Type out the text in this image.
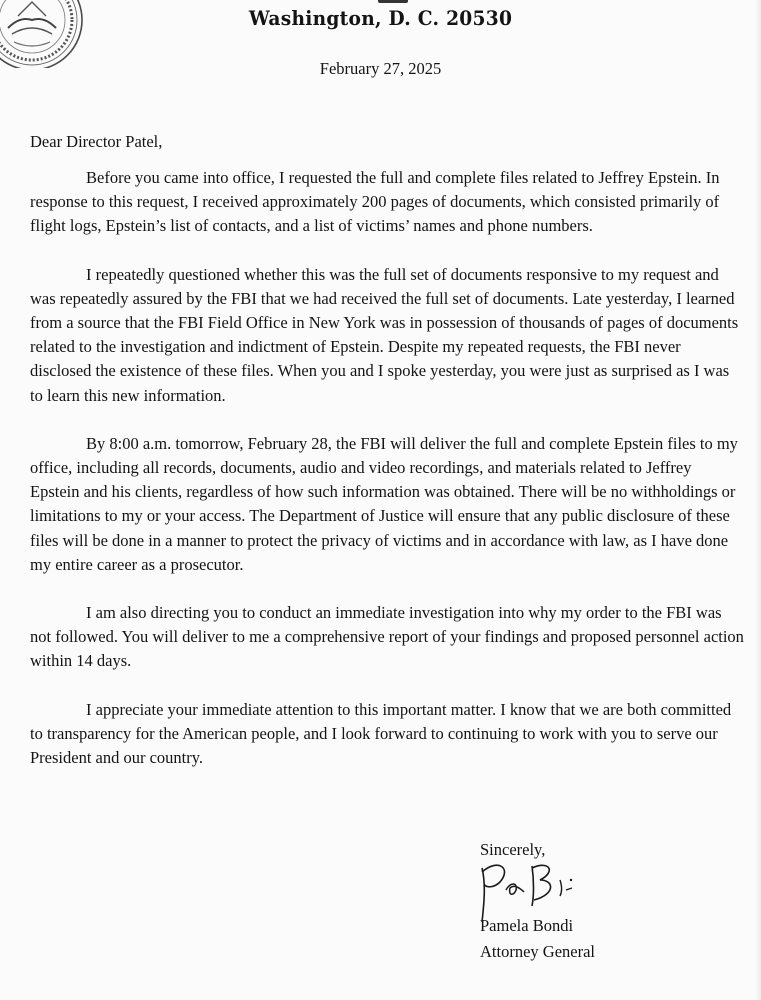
Washington, D. C. 20530
February 27, 2025
Dear Director Patel,

Before you came into office, I requested the full and complete files related to Jeffrey Epstein. In response to this request, I received approximately 200 pages of documents, which consisted primarily of flight logs, Epstein’s list of contacts, and a list of victims’ names and phone numbers.

I repeatedly questioned whether this was the full set of documents responsive to my request and was repeatedly assured by the FBI that we had received the full set of documents. Late yesterday, I learned from a source that the FBI Field Office in New York was in possession of thousands of pages of documents related to the investigation and indictment of Epstein. Despite my repeated requests, the FBI never disclosed the existence of these files. When you and I spoke yesterday, you were just as surprised as I was to learn this new information.

By 8:00 a.m. tomorrow, February 28, the FBI will deliver the full and complete Epstein files to my office, including all records, documents, audio and video recordings, and materials related to Jeffrey Epstein and his clients, regardless of how such information was obtained. There will be no withholdings or limitations to my or your access. The Department of Justice will ensure that any public disclosure of these files will be done in a manner to protect the privacy of victims and in accordance with law, as I have done my entire career as a prosecutor.

I am also directing you to conduct an immediate investigation into why my order to the FBI was not followed. You will deliver to me a comprehensive report of your findings and proposed personnel action within 14 days.

I appreciate your immediate attention to this important matter. I know that we are both committed to transparency for the American people, and I look forward to continuing to work with you to serve our President and our country.

Sincerely,
Pamela Bondi
Attorney General
